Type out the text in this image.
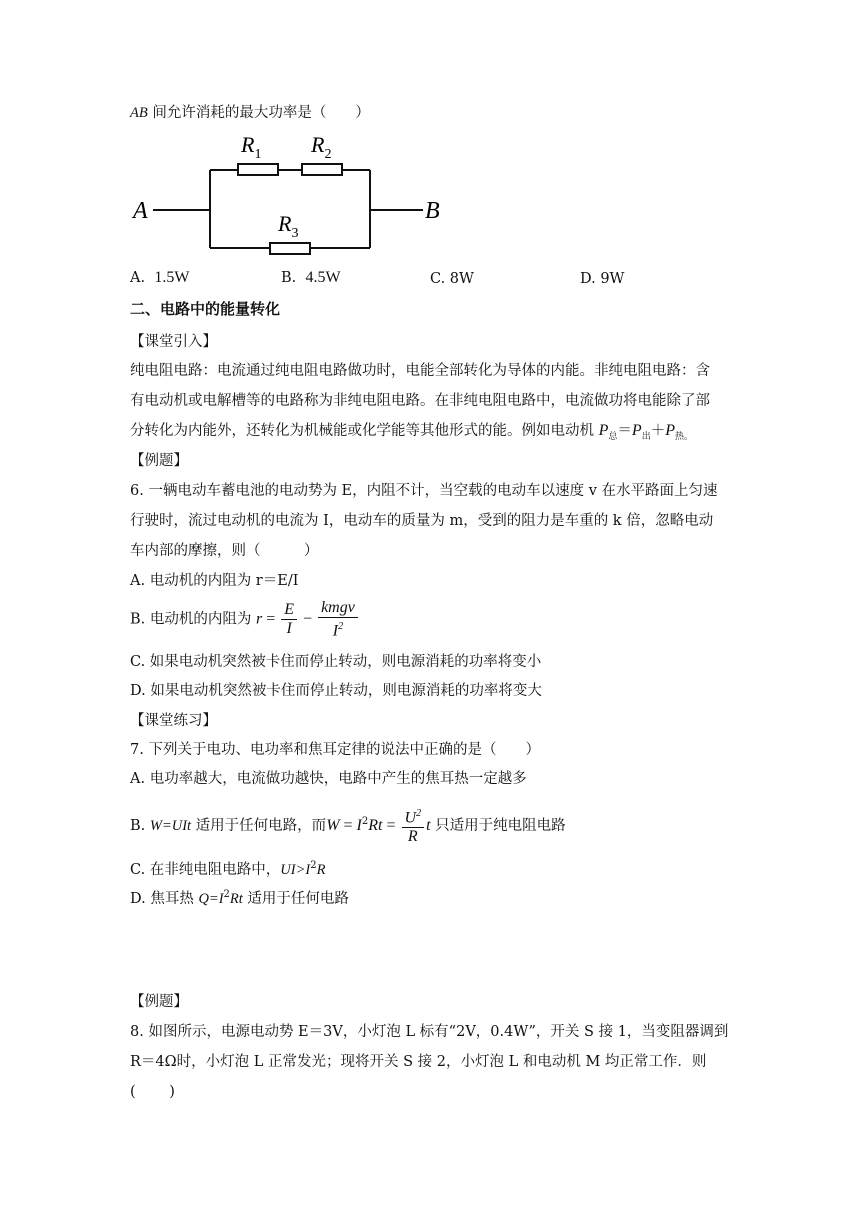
AB 间允许消耗的最大功率是（　　）
$R_1$ $R_2$
$R_3$
A	B
A. 1.5W	B. 4.5W	C. 8W	D. 9W
二、电路中的能量转化
【课堂引入】
纯电阻电路：电流通过纯电阻电路做功时，电能全部转化为导体的内能。非纯电阻电路：含
有电动机或电解槽等的电路称为非纯电阻电路。在非纯电阻电路中，电流做功将电能除了部
分转化为内能外，还转化为机械能或化学能等其他形式的能。例如电动机 $P_总=P_出+P_{热。}$
【例题】
6. 一辆电动车蓄电池的电动势为 E，内阻不计，当空载的电动车以速度 v 在水平路面上匀速
行驶时，流过电动机的电流为 I，电动车的质量为 m，受到的阻力是车重的 k 倍，忽略电动
车内部的摩擦，则（　　　）
A. 电动机的内阻为 r＝E/I
B. 电动机的内阻为 $r = \frac{E}{I} - \frac{\text{kmgv}}{I^2}$
C. 如果电动机突然被卡住而停止转动，则电源消耗的功率将变小
D. 如果电动机突然被卡住而停止转动，则电源消耗的功率将变大
【课堂练习】
7. 下列关于电功、电功率和焦耳定律的说法中正确的是（　　）
A. 电功率越大，电流做功越快，电路中产生的焦耳热一定越多
B. W=UIt 适用于任何电路，而$W = I^2Rt = \frac{U^2}{R}$ t 只适用于纯电阻电路
C. 在非纯电阻电路中，$UI>I^2R$
D. 焦耳热 $Q=I^2Rt$ 适用于任何电路
【例题】
8. 如图所示，电源电动势 E＝3V，小灯泡 L 标有“2V，0.4W”，开关 S 接 1，当变阻器调到
R＝4Ω时，小灯泡 L 正常发光；现将开关 S 接 2，小灯泡 L 和电动机 M 均正常工作．则
(　　 )
